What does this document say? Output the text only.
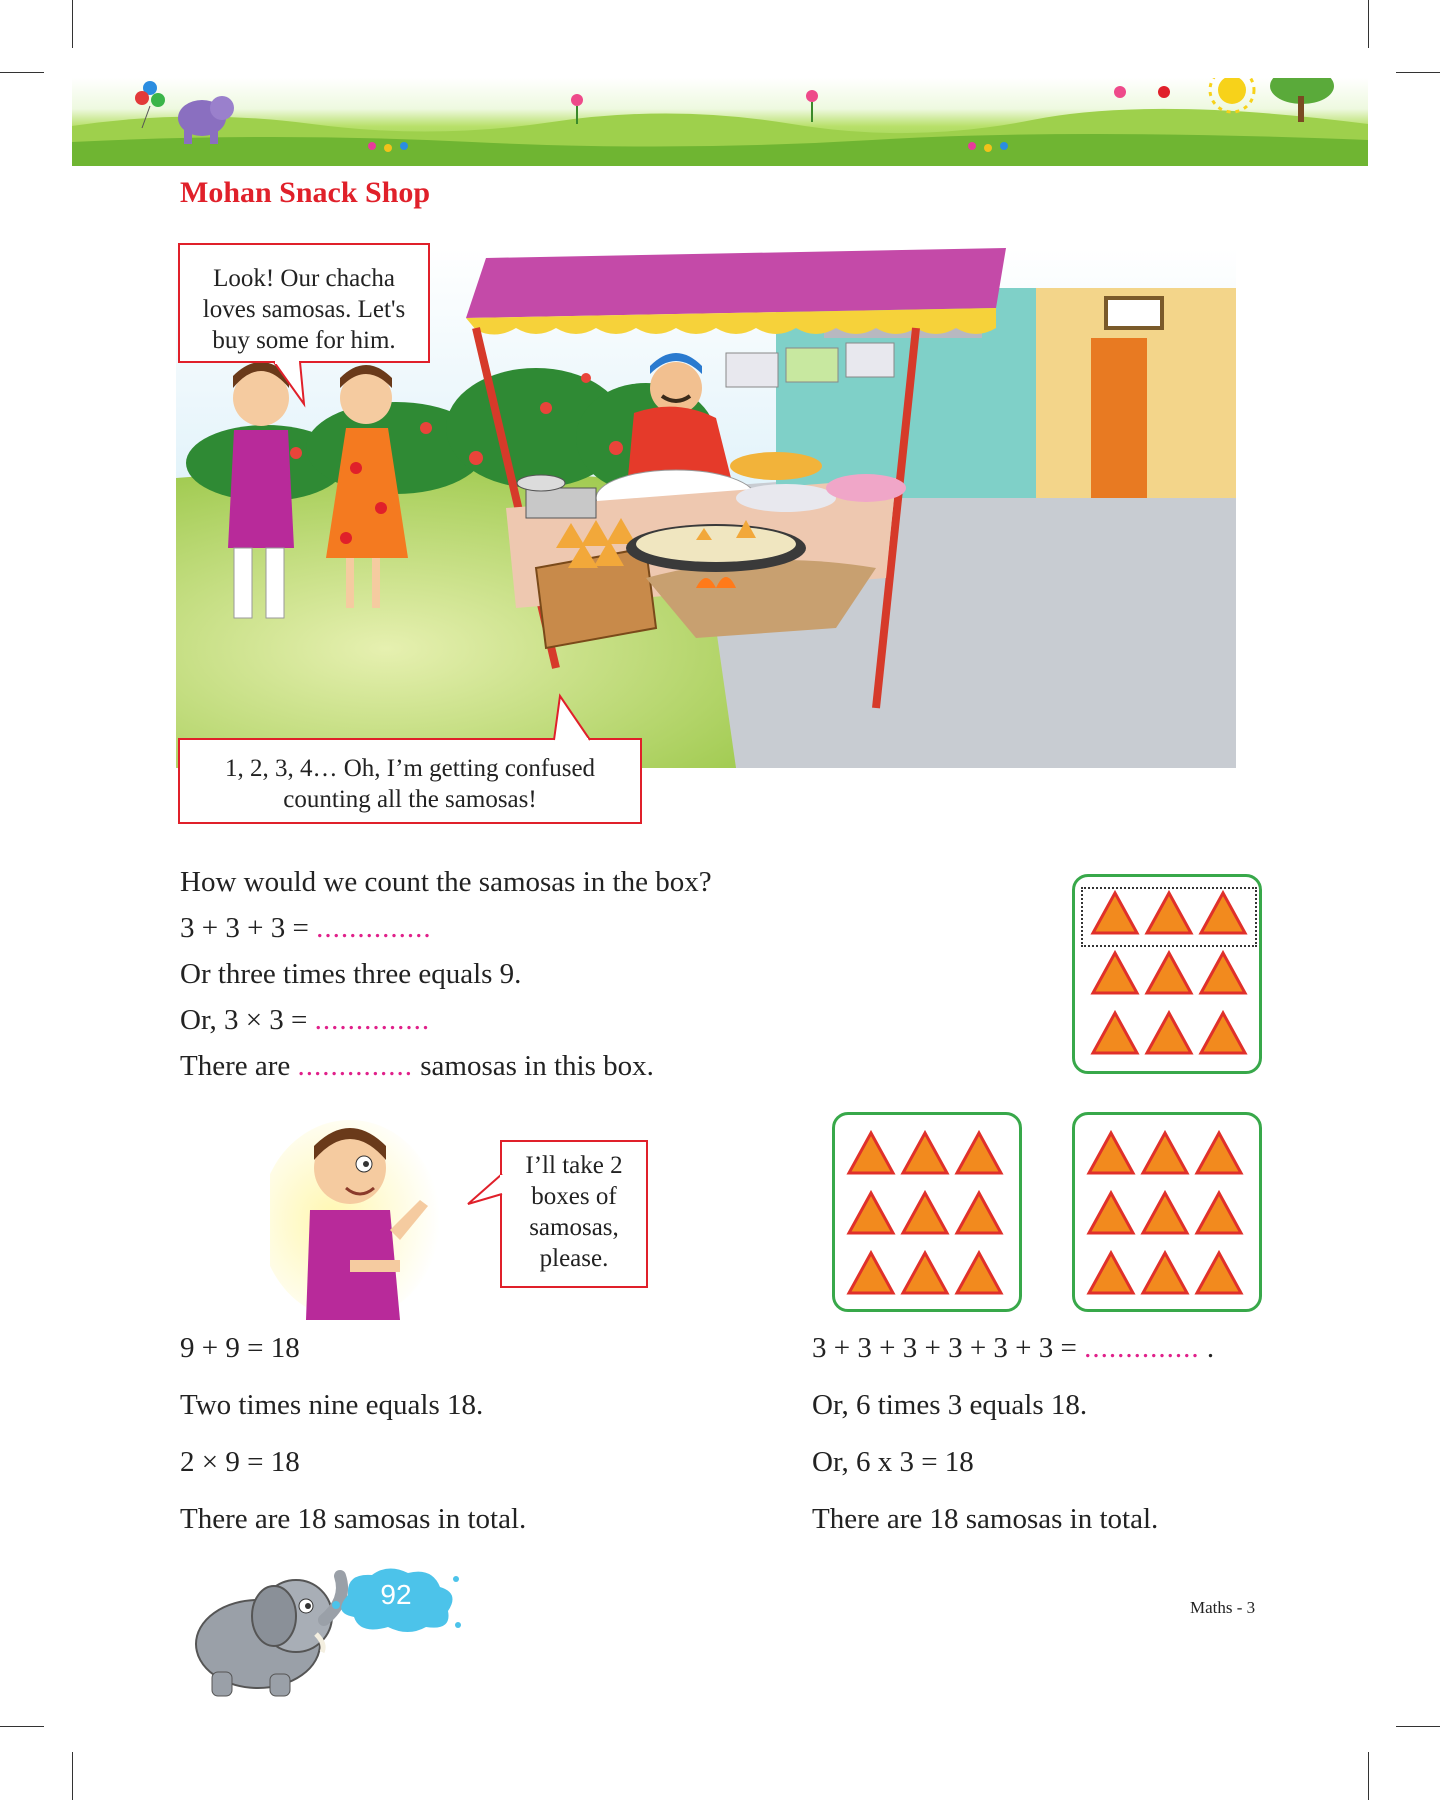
Mohan Snack Shop
Look! Our chacha loves samosas. Let's buy some for him.
1, 2, 3, 4… Oh, I’m getting confused counting all the samosas!
How would we count the samosas in the box?
3 + 3 + 3 = ..............
Or three times three equals 9.
Or, 3 × 3 = ..............
There are .............. samosas in this box.
I’ll take 2 boxes of samosas, please.
9 + 9 = 18
Two times nine equals 18.
2 × 9 = 18
There are 18 samosas in total.
3 + 3 + 3 + 3 + 3 + 3 = .............. .
Or, 6 times 3 equals 18.
Or, 6 x 3 = 18
There are 18 samosas in total.
92	Maths - 3
